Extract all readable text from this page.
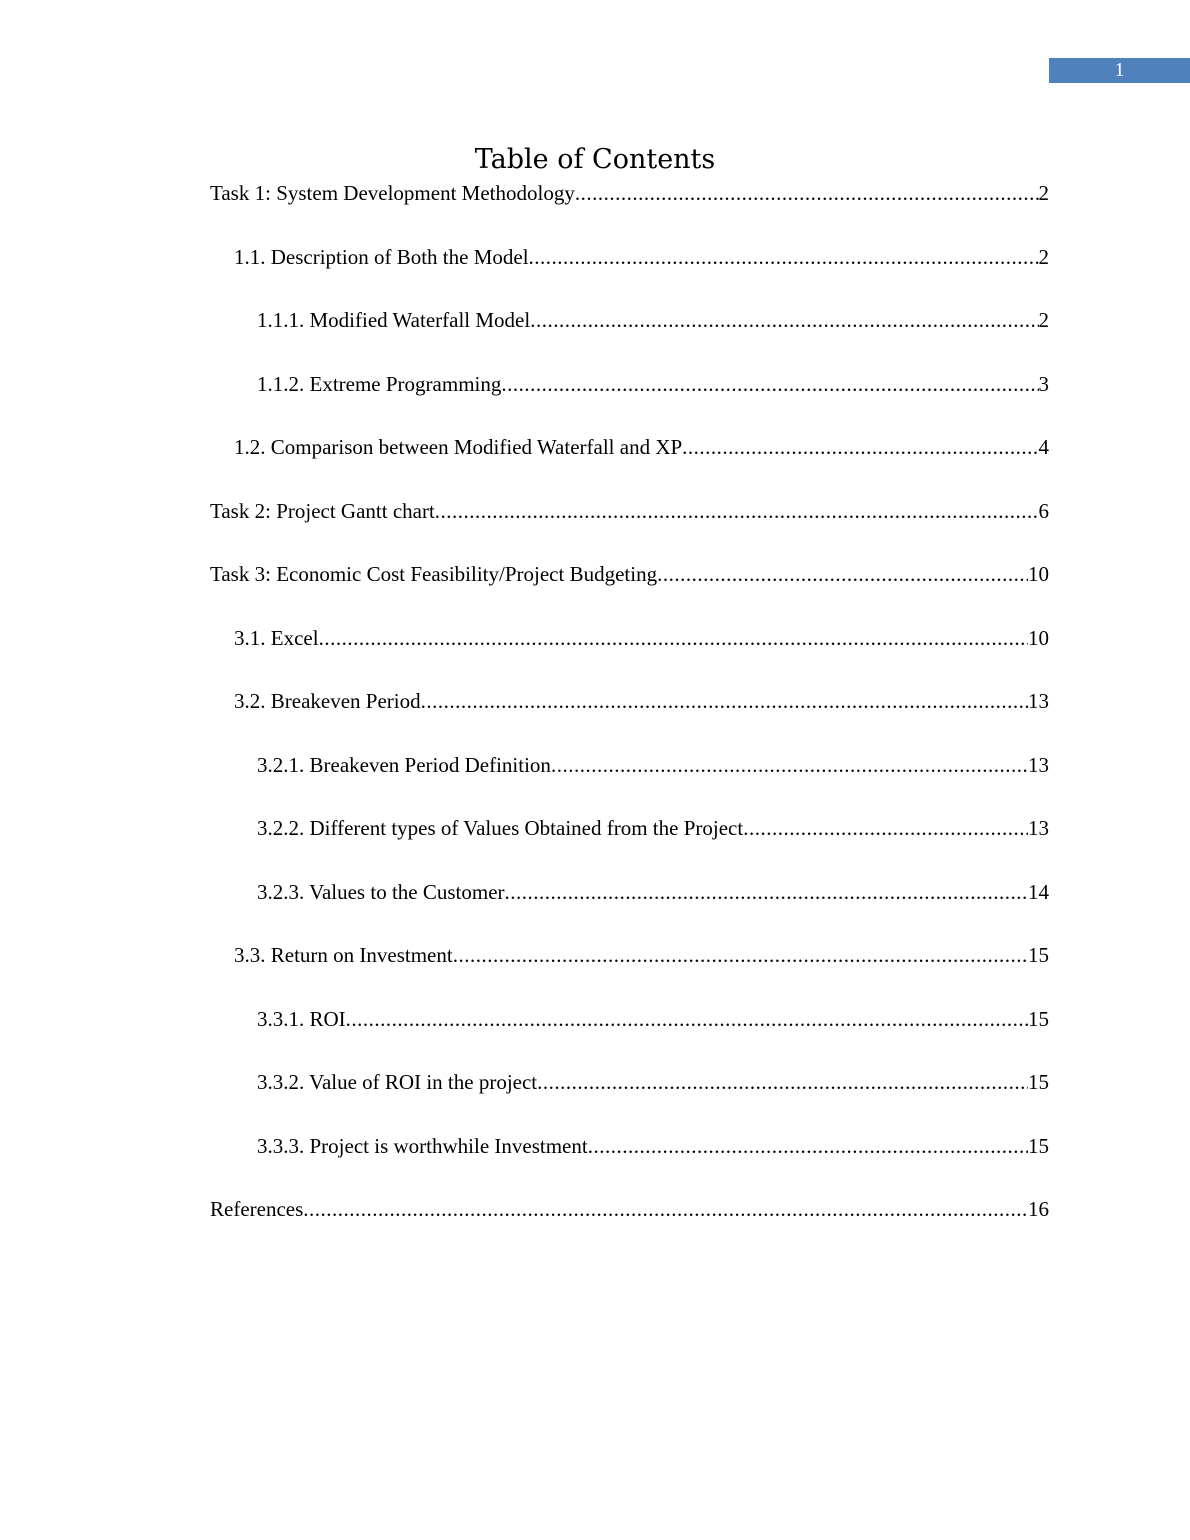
1
Table of Contents
Task 1: System Development Methodology .....	2
1.1. Description of Both the Model .....	2
1.1.1. Modified Waterfall Model .....	2
1.1.2. Extreme Programming .....	3
1.2. Comparison between Modified Waterfall and XP .....	4
Task 2: Project Gantt chart .....	6
Task 3: Economic Cost Feasibility/Project Budgeting .....	10
3.1. Excel .....	10
3.2. Breakeven Period .....	13
3.2.1. Breakeven Period Definition .....	13
3.2.2. Different types of Values Obtained from the Project .....	13
3.2.3. Values to the Customer .....	14
3.3. Return on Investment .....	15
3.3.1. ROI .....	15
3.3.2. Value of ROI in the project .....	15
3.3.3. Project is worthwhile Investment .....	15
References .....	16
